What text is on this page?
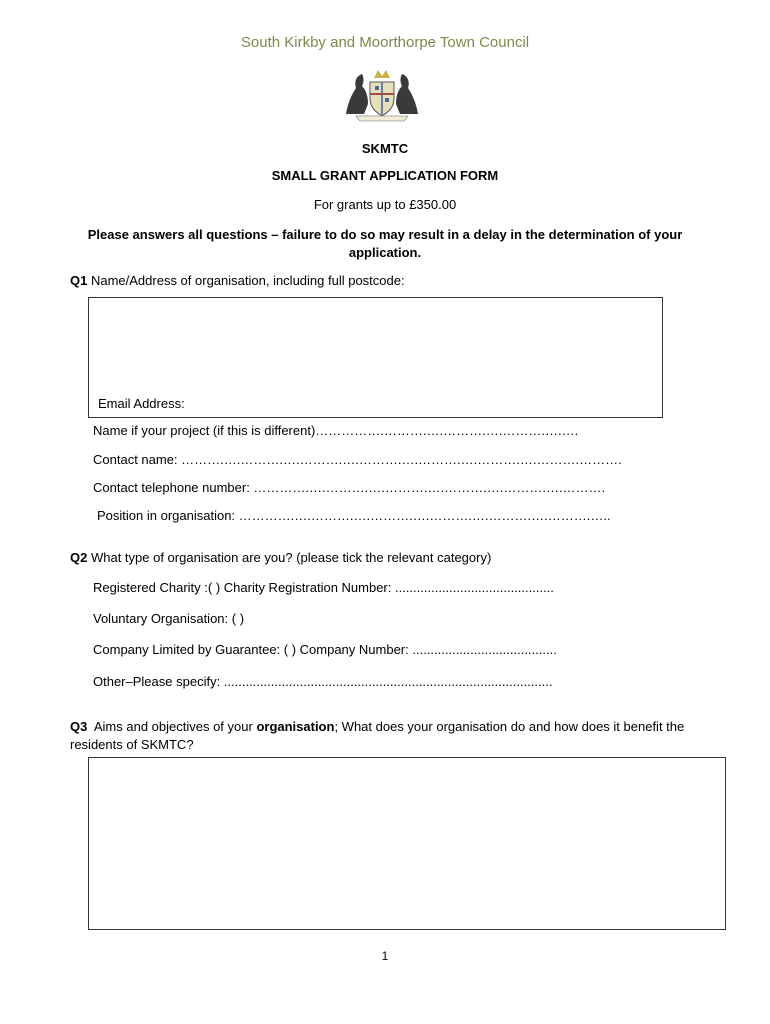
South Kirkby and Moorthorpe Town Council
SKMTC
SMALL GRANT APPLICATION FORM
For grants up to £350.00
Please answers all questions – failure to do so may result in a delay in the determination of your application.
Q1 Name/Address of organisation, including full postcode:
Email Address:
Name if your project (if this is different)…………….……….….……….….……….….….
Contact name: ……….….……….….……….….……….….……….….……….….……….……….
Contact telephone number: ………….….……….….……….….……….….……….….……….
Position in organisation: ………….….……….….……….….……….….……….….……….…..
Q2 What type of organisation are you? (please tick the relevant category)
Registered Charity :( ) Charity Registration Number: ............................................
Voluntary Organisation: ( )
Company Limited by Guarantee: ( ) Company Number: ........................................
Other–Please specify: ...........................................................................................
Q3 Aims and objectives of your organisation; What does your organisation do and how does it benefit the residents of SKMTC?
1
